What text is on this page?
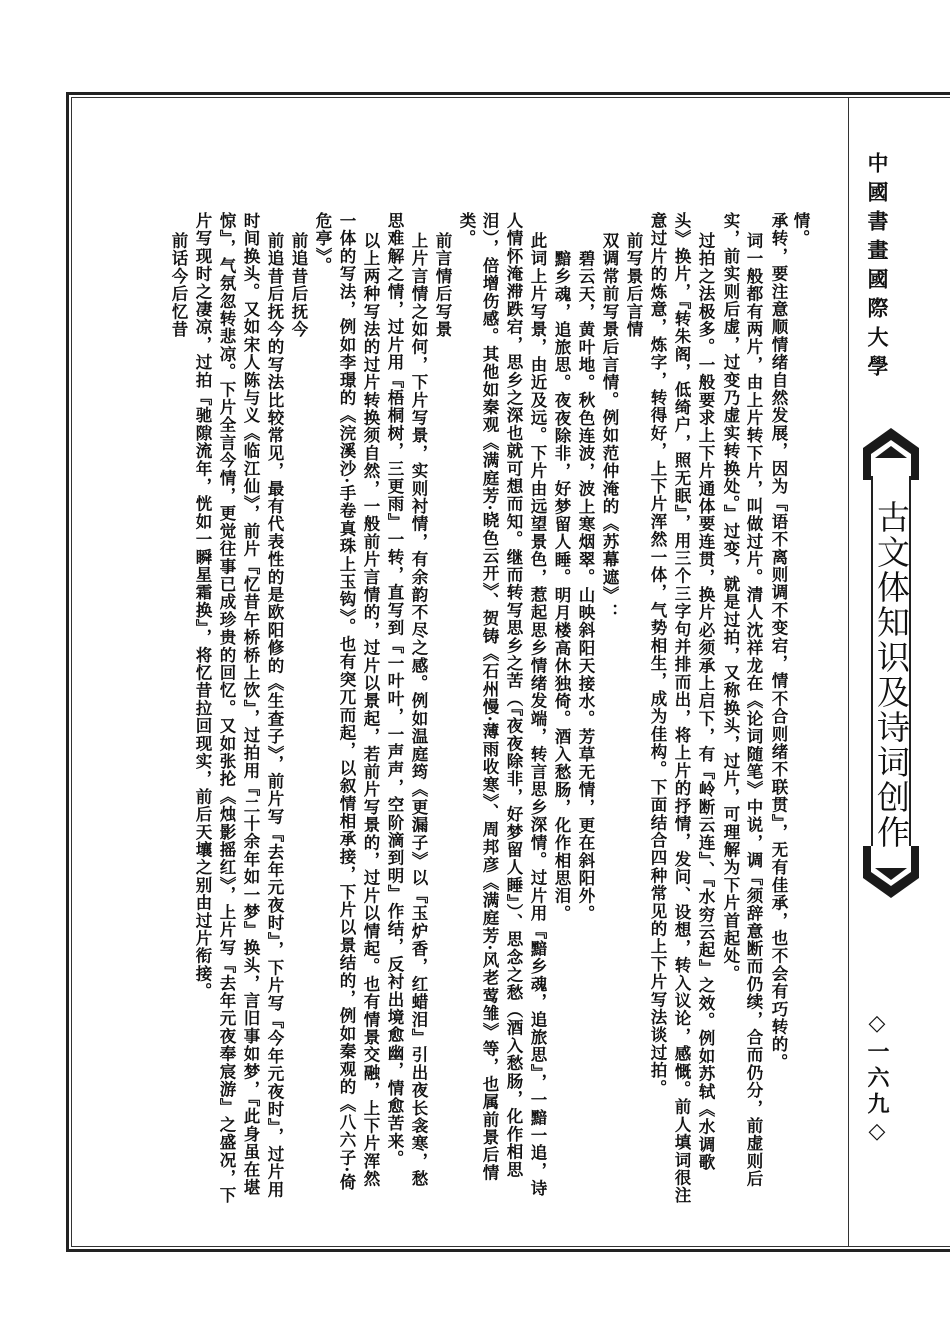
中國書畫國際大學
古文体知识及诗词创作
◇一六九◇
情。
承转，要注意顺情绪自然发展，因为『语不离则调不变宕，情不合则绪不联贯』，无有佳承，也不会有巧转的。
词一般都有两片，由上片转下片，叫做过片。清人沈祥龙在《论词随笔》中说，调『须辞意断而仍续，合而仍分，前虚则后
实，前实则后虚，过变乃虚实转换处。』过变，就是过拍，又称换头，过片，可理解为下片首起处。
过拍之法极多。一般要求上下片通体要连贯，换片必须承上启下，有『岭断云连』、『水穷云起』之效。例如苏轼《水调歌
头》换片，『转朱阁，低绮户，照无眠』，用三个三字句并排而出，将上片的抒情，发问、设想，转入议论，感慨。前人填词很注
意过片的炼意，炼字，转得好，上下片浑然一体，气势相生，成为佳构。下面结合四种常见的上下片写法谈过拍。
前写景后言情
双调常前写景后言情。例如范仲淹的《苏幕遮》：
碧云天，黄叶地。秋色连波，波上寒烟翠。山映斜阳天接水。芳草无情，更在斜阳外。
黯乡魂，追旅思。夜夜除非，好梦留人睡。明月楼高休独倚。酒入愁肠，化作相思泪。
此词上片写景，由近及远。下片由远望景色，惹起思乡情绪发端，转言思乡深情。过片用『黯乡魂，追旅思』，一黯一追，诗
人情怀淹滞跌宕，思乡之深也就可想而知。继而转写思乡之苦（『夜夜除非，好梦留人睡』）、思念之愁（酒入愁肠，化作相思
泪），倍增伤感。其他如秦观《满庭芳·晓色云开》、贺铸《石州慢·薄雨收寒》、周邦彦《满庭芳·风老莺雏》等，也属前景后情
类。
前言情后写景
上片言情之如何，下片写景，实则衬情，有余韵不尽之感。例如温庭筠《更漏子》以『玉炉香，红蜡泪』引出夜长衾寒，愁
思难解之情，过片用『梧桐树，三更雨』一转，直写到『一叶叶，一声声，空阶滴到明』作结，反衬出境愈幽，情愈苦来。
以上两种写法的过片转换须自然，一般前片言情的，过片以景起，若前片写景的，过片以情起。也有情景交融，上下片浑然
一体的写法，例如李璟的《浣溪沙·手卷真珠上玉钩》。也有突兀而起，以叙情相承接，下片以景结的，例如秦观的《八六子·倚
危亭》。
前追昔后抚今
前追昔后抚今的写法比较常见，最有代表性的是欧阳修的《生查子》，前片写『去年元夜时』，下片写『今年元夜时』，过片用
时间换头。又如宋人陈与义《临江仙》，前片『忆昔午桥桥上饮』，过拍用『二十余年如一梦』换头，言旧事如梦，『此身虽在堪
惊』，气氛忽转悲凉。下片全言今情，更觉往事已成珍贵的回忆。又如张抡《烛影摇红》，上片写『去年元夜奉宸游』之盛况，下
片写现时之凄凉，过拍『驰隙流年，恍如一瞬星霜换』，将忆昔拉回现实，前后天壤之别由过片衔接。
前话今后忆昔
